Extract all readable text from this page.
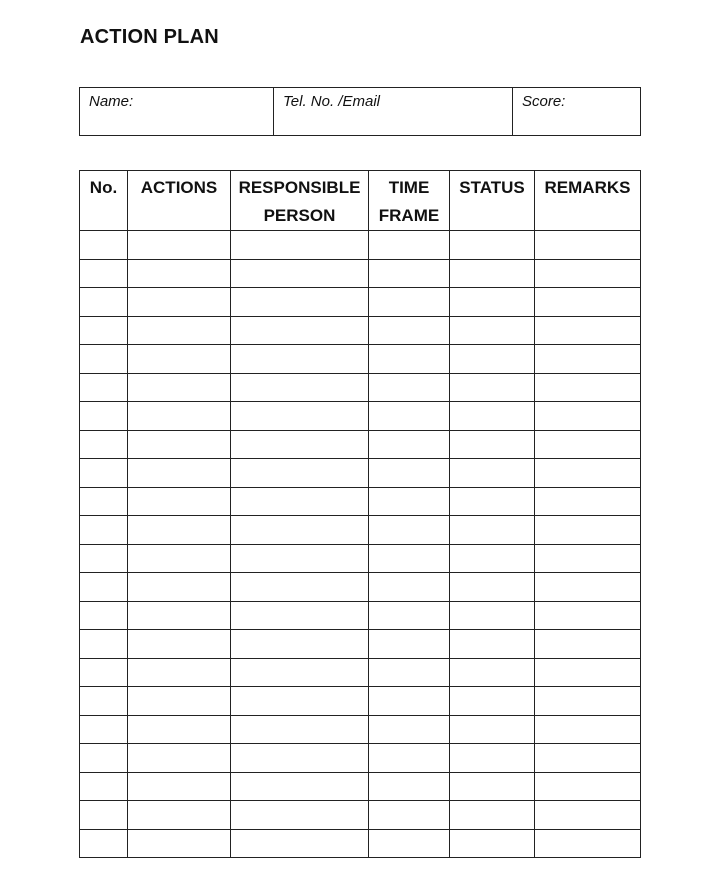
ACTION PLAN
Name:	Tel. No. /Email	Score:
No.	ACTIONS	RESPONSIBLE PERSON	TIME FRAME	STATUS	REMARKS
